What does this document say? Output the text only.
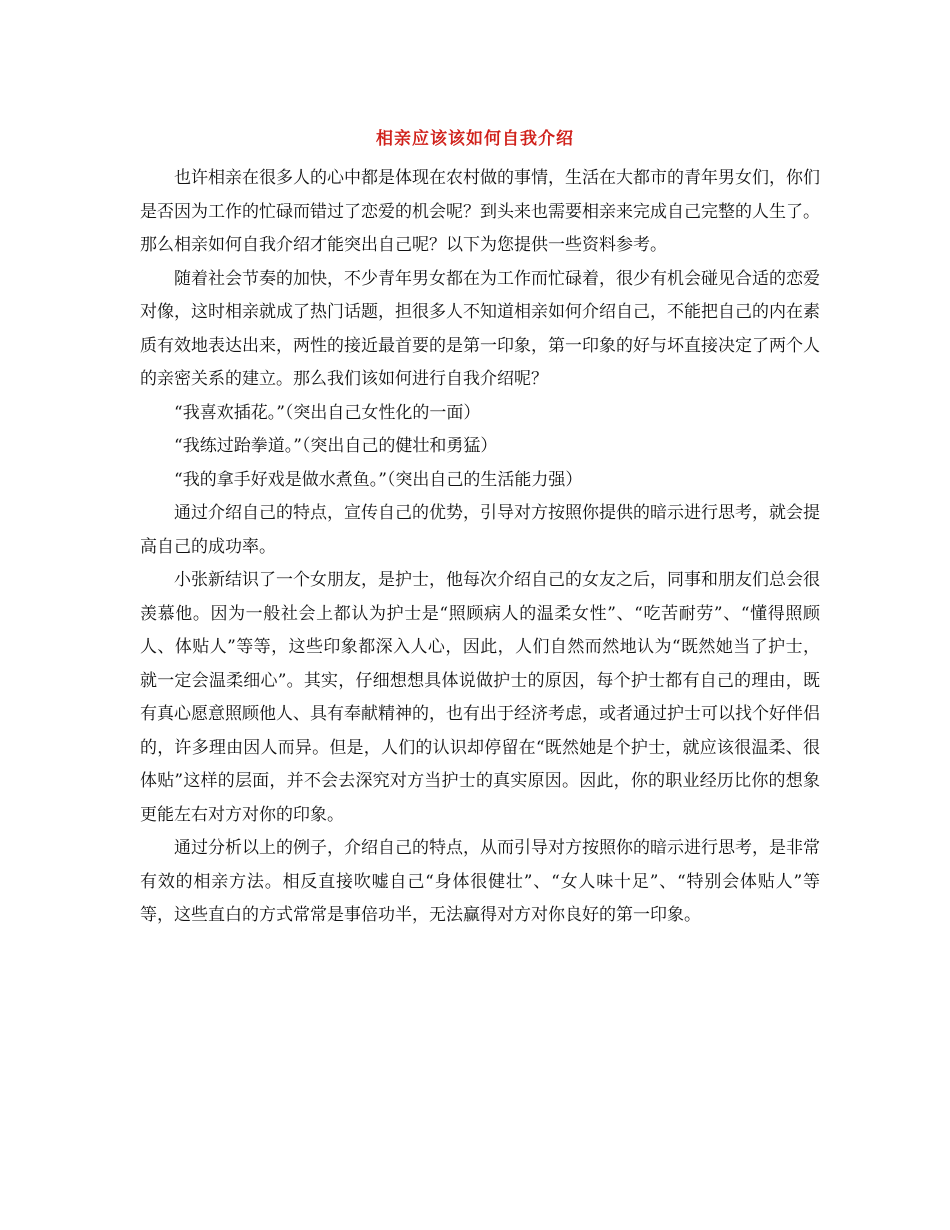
相亲应该该如何自我介绍

也许相亲在很多人的心中都是体现在农村做的事情，生活在大都市的青年男女们，你们是否因为工作的忙碌而错过了恋爱的机会呢？到头来也需要相亲来完成自己完整的人生了。那么相亲如何自我介绍才能突出自己呢？以下为您提供一些资料参考。

随着社会节奏的加快，不少青年男女都在为工作而忙碌着，很少有机会碰见合适的恋爱对像，这时相亲就成了热门话题，担很多人不知道相亲如何介绍自己，不能把自己的内在素质有效地表达出来，两性的接近最首要的是第一印象，第一印象的好与坏直接决定了两个人的亲密关系的建立。那么我们该如何进行自我介绍呢？

“我喜欢插花。”（突出自己女性化的一面）

“我练过跆拳道。”（突出自己的健壮和勇猛）

“我的拿手好戏是做水煮鱼。”（突出自己的生活能力强）

通过介绍自己的特点，宣传自己的优势，引导对方按照你提供的暗示进行思考，就会提高自己的成功率。

小张新结识了一个女朋友，是护士，他每次介绍自己的女友之后，同事和朋友们总会很羡慕他。因为一般社会上都认为护士是“照顾病人的温柔女性”、“吃苦耐劳”、“懂得照顾人、体贴人”等等，这些印象都深入人心，因此，人们自然而然地认为“既然她当了护士，就一定会温柔细心”。其实，仔细想想具体说做护士的原因，每个护士都有自己的理由，既有真心愿意照顾他人、具有奉献精神的，也有出于经济考虑，或者通过护士可以找个好伴侣的，许多理由因人而异。但是，人们的认识却停留在“既然她是个护士，就应该很温柔、很体贴”这样的层面，并不会去深究对方当护士的真实原因。因此，你的职业经历比你的想象更能左右对方对你的印象。

通过分析以上的例子，介绍自己的特点，从而引导对方按照你的暗示进行思考，是非常有效的相亲方法。相反直接吹嘘自己“身体很健壮”、“女人味十足”、“特别会体贴人”等等，这些直白的方式常常是事倍功半，无法赢得对方对你良好的第一印象。
